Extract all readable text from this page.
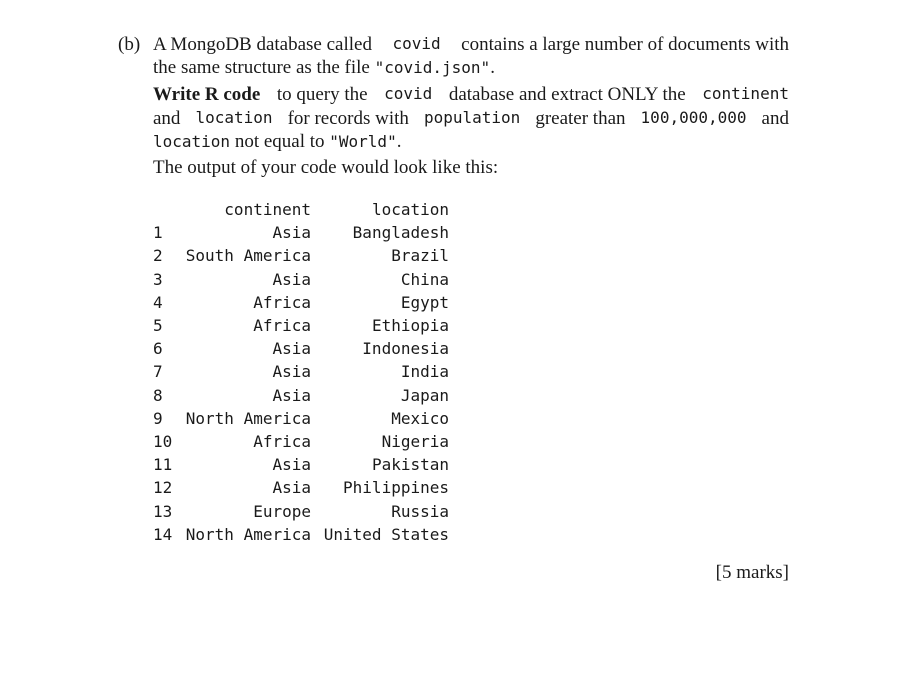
(b) A MongoDB database called covid contains a large number of documents with
the same structure as the file "covid.json".
Write R code to query the covid database and extract ONLY the continent
and location for records with population greater than 100,000,000 and
location not equal to "World".
The output of your code would look like this:
	continent	location
1	Asia	Bangladesh
2	South America	Brazil
3	Asia	China
4	Africa	Egypt
5	Africa	Ethiopia
6	Asia	Indonesia
7	Asia	India
8	Asia	Japan
9	North America	Mexico
10	Africa	Nigeria
11	Asia	Pakistan
12	Asia	Philippines
13	Europe	Russia
14	North America	United States
[5 marks]
